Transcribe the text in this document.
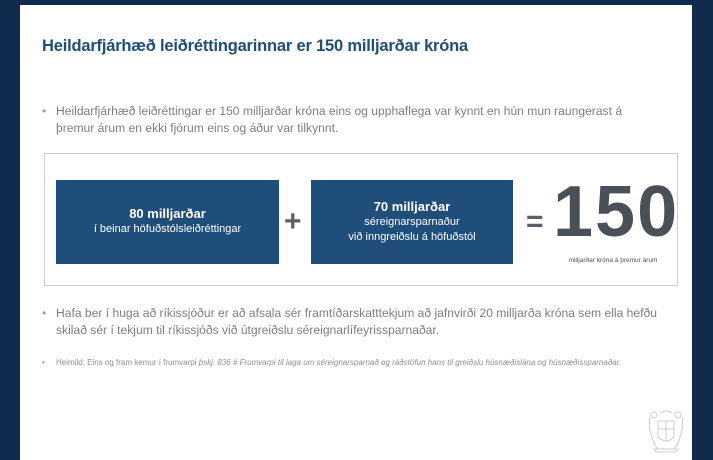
Heildarfjárhæð leiðréttingarinnar er 150 milljarðar króna
• Heildarfjárhæð leiðréttingar er 150 milljarðar króna eins og upphaflega var kynnt en hún mun raungerast á þremur árum en ekki fjórum eins og áður var tilkynnt.
80 milljarðar
í beinar höfuðstólsleiðréttingar	+	70 milljarðar
séreignarsparnaður
við inngreiðslu á höfuðstól	= 150
milljarðar króna á þremur árum
• Hafa ber í huga að ríkissjóður er að afsala sér framtíðarskatttekjum að jafnvirði 20 milljarða króna sem ella hefðu skilað sér í tekjum til ríkissjóðs við útgreiðslu séreignarlífeyrissparnaðar.
• Heimild: Eins og fram kemur í frumvarpi þskj. 836 # Frumvarpi til laga um séreignarsparnað og ráðstöfun hans til greiðslu húsnæðislána og húsnæðissparnaðar.
